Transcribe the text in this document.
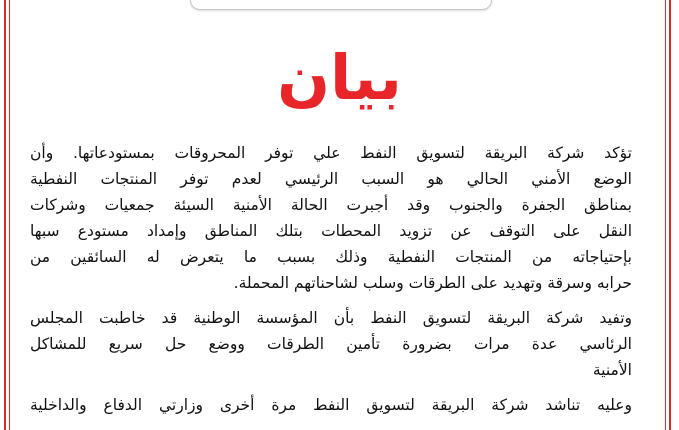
بيان
تؤكد شركة البريقة لتسويق النفط علي توفر المحروقات بمستودعاتها. وأن
الوضع الأمني الحالي هو السبب الرئيسي لعدم توفر المنتجات النفطية
بمناطق الجفرة والجنوب وقد أجبرت الحالة الأمنية السيئة جمعيات وشركات
النقل على التوقف عن تزويد المحطات بتلك المناطق وإمداد مستودع سبها
بإحتياجاته من المنتجات النفطية وذلك بسبب ما يتعرض له السائقين من
حرابه وسرقة وتهديد على الطرقات وسلب لشاحناتهم المحملة.
وتفيد شركة البريقة لتسويق النفط بأن المؤسسة الوطنية قد خاطبت المجلس
الرئاسي عدة مرات بضرورة تأمين الطرقات ووضع حل سريع للمشاكل
الأمنية
وعليه تناشد شركة البريقة لتسويق النفط مرة أخرى وزارتي الدفاع والداخلية
